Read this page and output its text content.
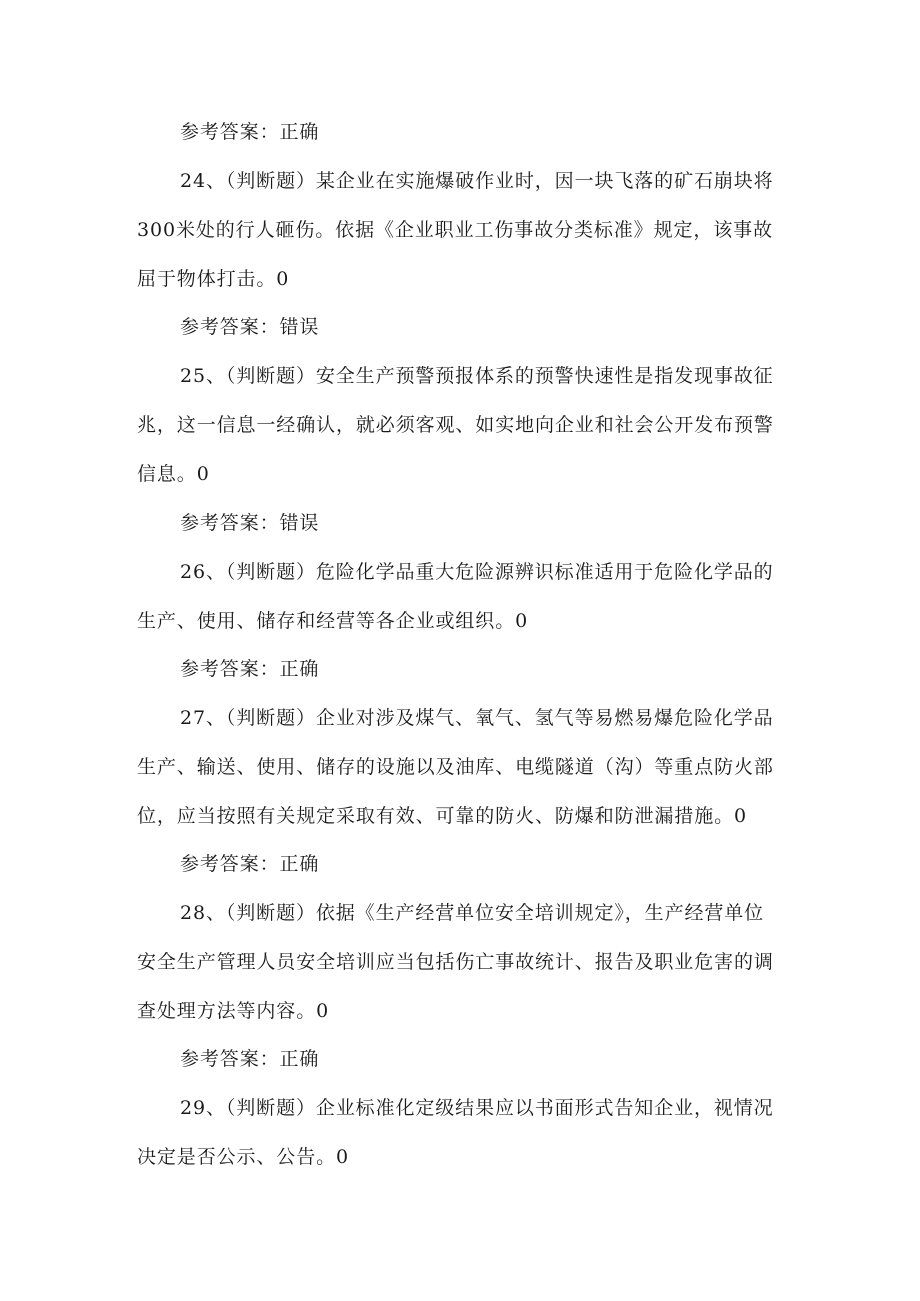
参考答案：正确
24、（判断题）某企业在实施爆破作业时，因一块飞落的矿石崩块将
300米处的行人砸伤。依据《企业职业工伤事故分类标准》规定，该事故
屈于物体打击。0
参考答案：错误
25、（判断题）安全生产预警预报体系的预警快速性是指发现事故征
兆，这一信息一经确认，就必须客观、如实地向企业和社会公开发布预警
信息。0
参考答案：错误
26、（判断题）危险化学品重大危险源辨识标准适用于危险化学品的
生产、使用、储存和经营等各企业或组织。0
参考答案：正确
27、（判断题）企业对涉及煤气、氧气、氢气等易燃易爆危险化学品
生产、输送、使用、储存的设施以及油库、电缆隧道（沟）等重点防火部
位，应当按照有关规定采取有效、可靠的防火、防爆和防泄漏措施。0
参考答案：正确
28、（判断题）依据《生产经营单位安全培训规定》，生产经营单位
安全生产管理人员安全培训应当包括伤亡事故统计、报告及职业危害的调
查处理方法等内容。0
参考答案：正确
29、（判断题）企业标准化定级结果应以书面形式告知企业，视情况
决定是否公示、公告。0
